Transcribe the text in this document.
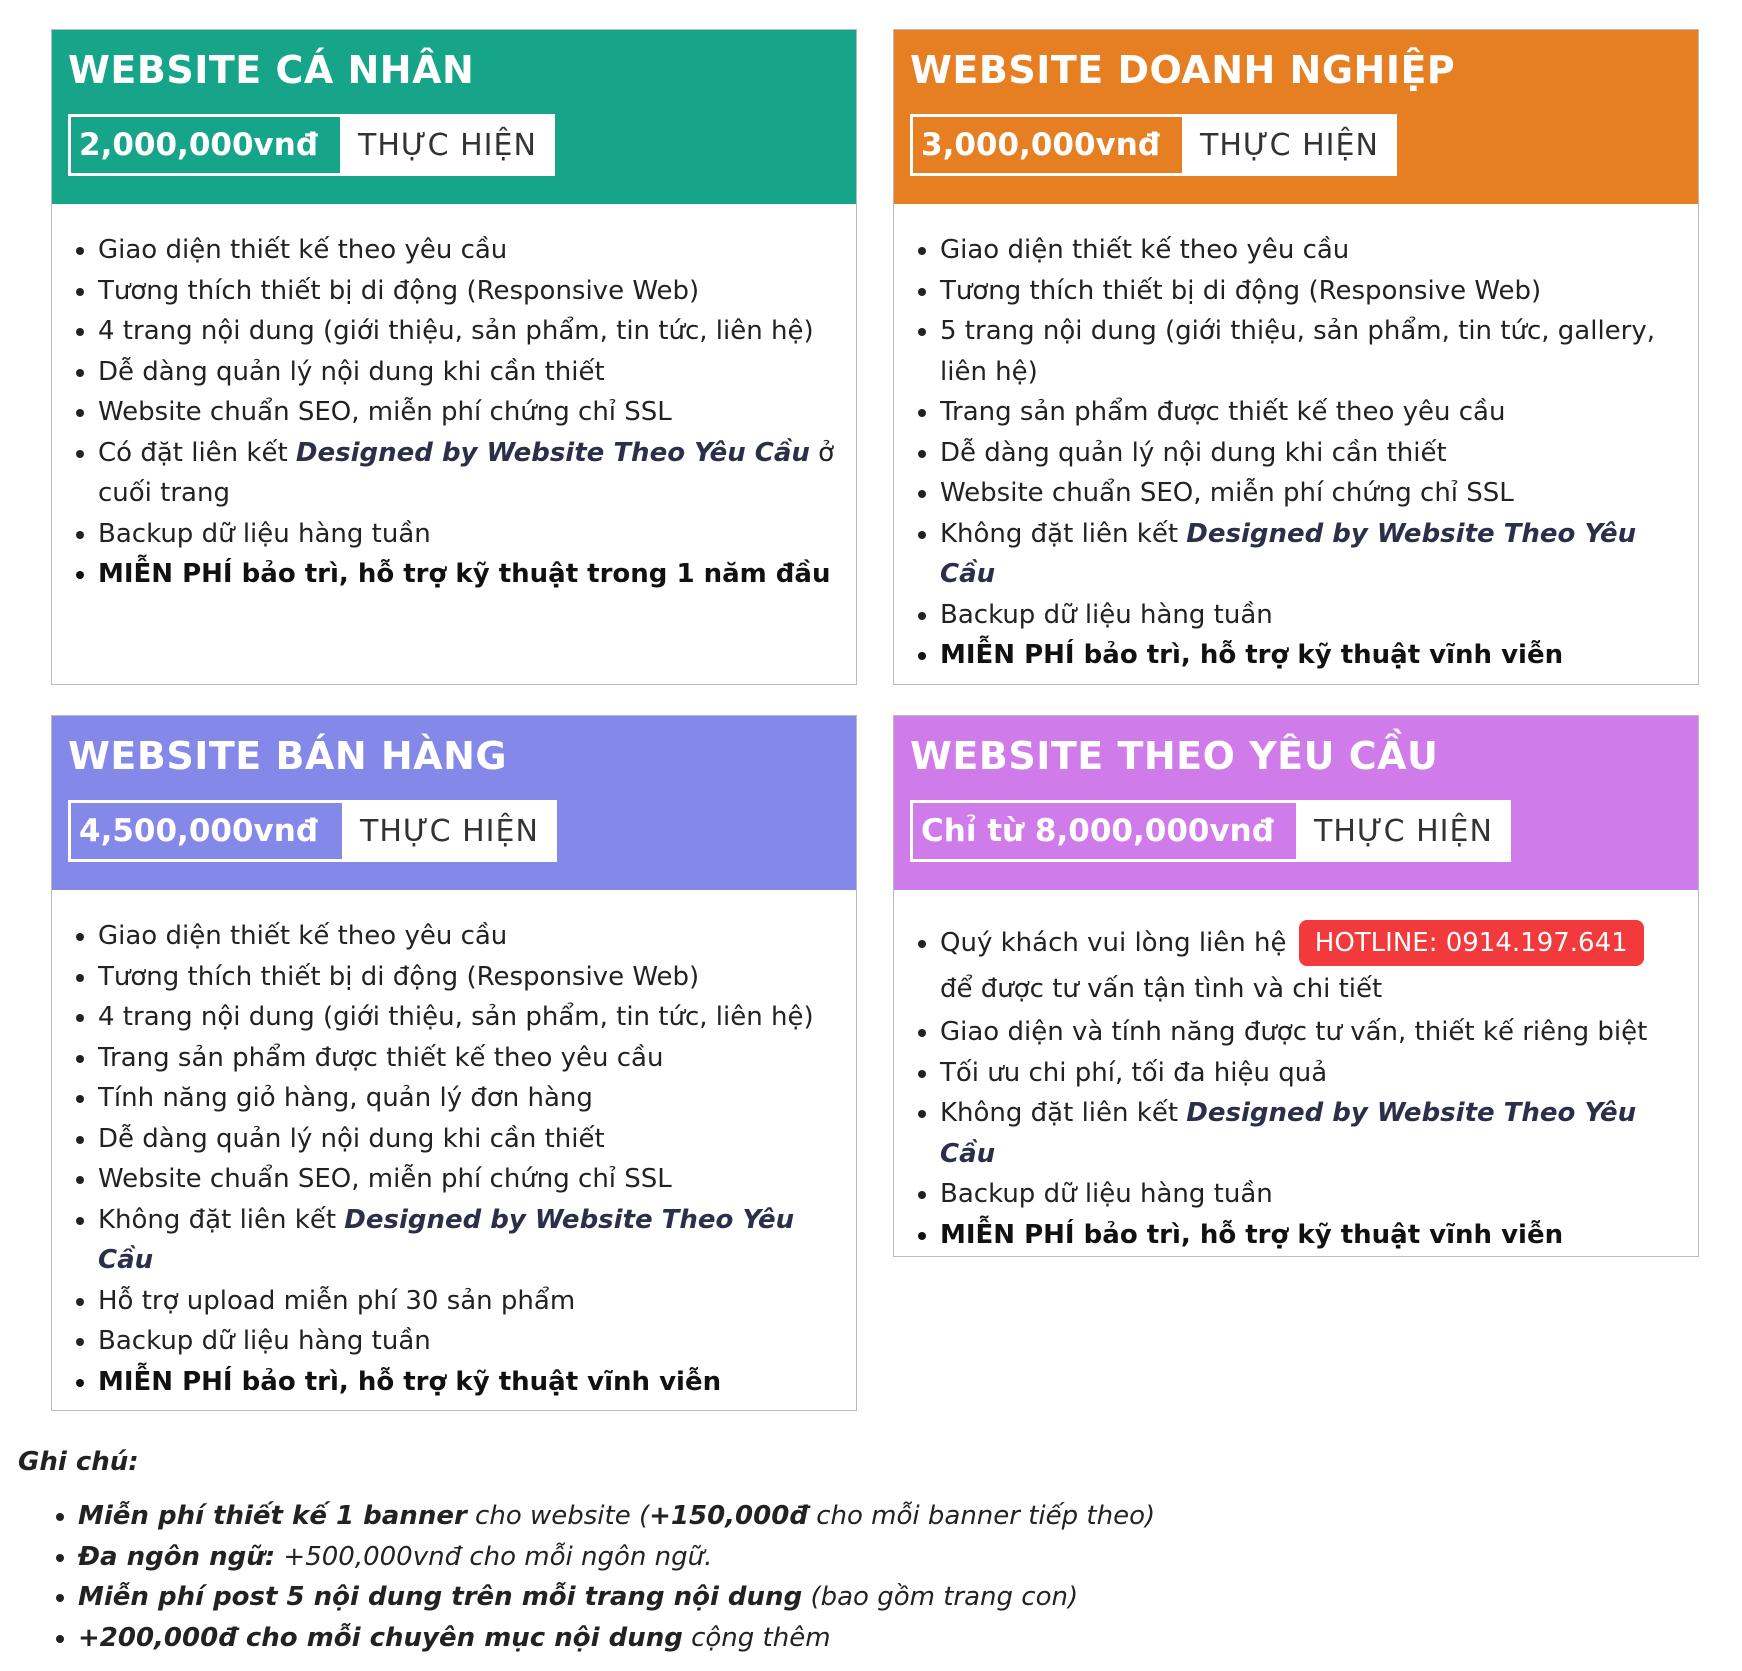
WEBSITE CÁ NHÂN
2,000,000vnđ	THỰC HIỆN
• Giao diện thiết kế theo yêu cầu
• Tương thích thiết bị di động (Responsive Web)
• 4 trang nội dung (giới thiệu, sản phẩm, tin tức, liên hệ)
• Dễ dàng quản lý nội dung khi cần thiết
• Website chuẩn SEO, miễn phí chứng chỉ SSL
• Có đặt liên kết Designed by Website Theo Yêu Cầu ở cuối trang
• Backup dữ liệu hàng tuần
• MIỄN PHÍ bảo trì, hỗ trợ kỹ thuật trong 1 năm đầu
WEBSITE DOANH NGHIỆP
3,000,000vnđ	THỰC HIỆN
• Giao diện thiết kế theo yêu cầu
• Tương thích thiết bị di động (Responsive Web)
• 5 trang nội dung (giới thiệu, sản phẩm, tin tức, gallery, liên hệ)
• Trang sản phẩm được thiết kế theo yêu cầu
• Dễ dàng quản lý nội dung khi cần thiết
• Website chuẩn SEO, miễn phí chứng chỉ SSL
• Không đặt liên kết Designed by Website Theo Yêu Cầu
• Backup dữ liệu hàng tuần
• MIỄN PHÍ bảo trì, hỗ trợ kỹ thuật vĩnh viễn
WEBSITE BÁN HÀNG
4,500,000vnđ	THỰC HIỆN
• Giao diện thiết kế theo yêu cầu
• Tương thích thiết bị di động (Responsive Web)
• 4 trang nội dung (giới thiệu, sản phẩm, tin tức, liên hệ)
• Trang sản phẩm được thiết kế theo yêu cầu
• Tính năng giỏ hàng, quản lý đơn hàng
• Dễ dàng quản lý nội dung khi cần thiết
• Website chuẩn SEO, miễn phí chứng chỉ SSL
• Không đặt liên kết Designed by Website Theo Yêu Cầu
• Hỗ trợ upload miễn phí 30 sản phẩm
• Backup dữ liệu hàng tuần
• MIỄN PHÍ bảo trì, hỗ trợ kỹ thuật vĩnh viễn
WEBSITE THEO YÊU CẦU
Chỉ từ 8,000,000vnđ	THỰC HIỆN
• Quý khách vui lòng liên hệ HOTLINE: 0914.197.641 để được tư vấn tận tình và chi tiết
• Giao diện và tính năng được tư vấn, thiết kế riêng biệt
• Tối ưu chi phí, tối đa hiệu quả
• Không đặt liên kết Designed by Website Theo Yêu Cầu
• Backup dữ liệu hàng tuần
• MIỄN PHÍ bảo trì, hỗ trợ kỹ thuật vĩnh viễn
Ghi chú:
• Miễn phí thiết kế 1 banner cho website (+150,000đ cho mỗi banner tiếp theo)
• Đa ngôn ngữ: +500,000vnđ cho mỗi ngôn ngữ.
• Miễn phí post 5 nội dung trên mỗi trang nội dung (bao gồm trang con)
• +200,000đ cho mỗi chuyên mục nội dung cộng thêm
